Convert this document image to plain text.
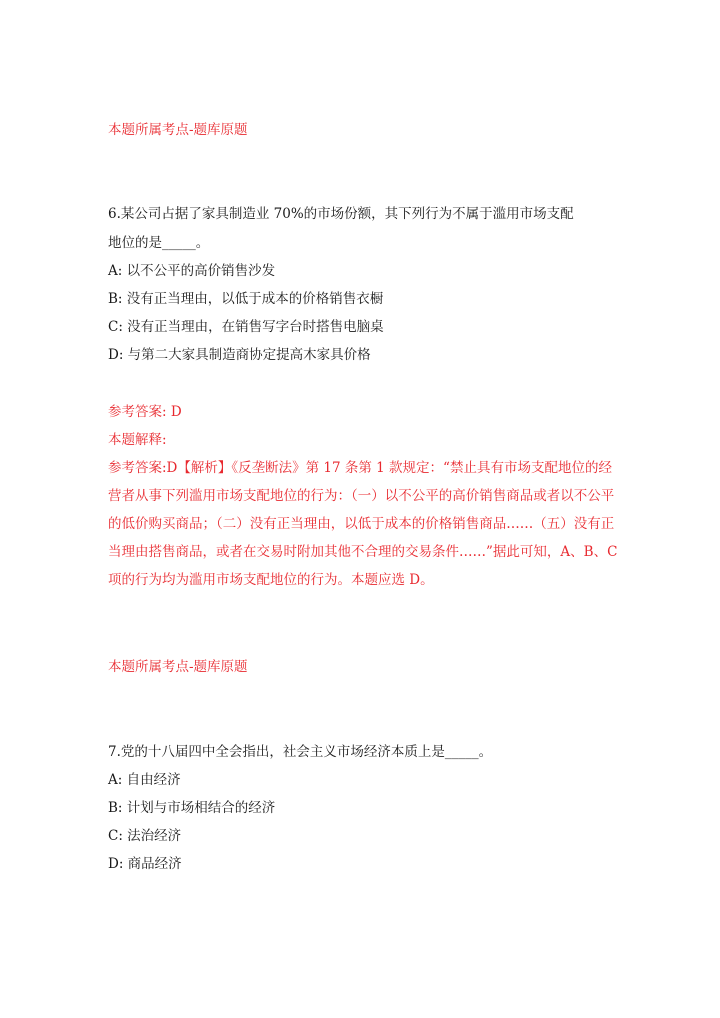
本题所属考点-题库原题
6.某公司占据了家具制造业 70%的市场份额，其下列行为不属于滥用市场支配
地位的是_____。
A: 以不公平的高价销售沙发
B: 没有正当理由，以低于成本的价格销售衣橱
C: 没有正当理由，在销售写字台时搭售电脑桌
D: 与第二大家具制造商协定提高木家具价格
参考答案: D
本题解释:
参考答案:D【解析】《反垄断法》第 17 条第 1 款规定：“禁止具有市场支配地位的经营者从事下列滥用市场支配地位的行为：（一）以不公平的高价销售商品或者以不公平的低价购买商品；（二）没有正当理由，以低于成本的价格销售商品……（五）没有正当理由搭售商品，或者在交易时附加其他不合理的交易条件……”据此可知，A、B、C 项的行为均为滥用市场支配地位的行为。本题应选 D。
本题所属考点-题库原题
7.党的十八届四中全会指出，社会主义市场经济本质上是_____。
A: 自由经济
B: 计划与市场相结合的经济
C: 法治经济
D: 商品经济
